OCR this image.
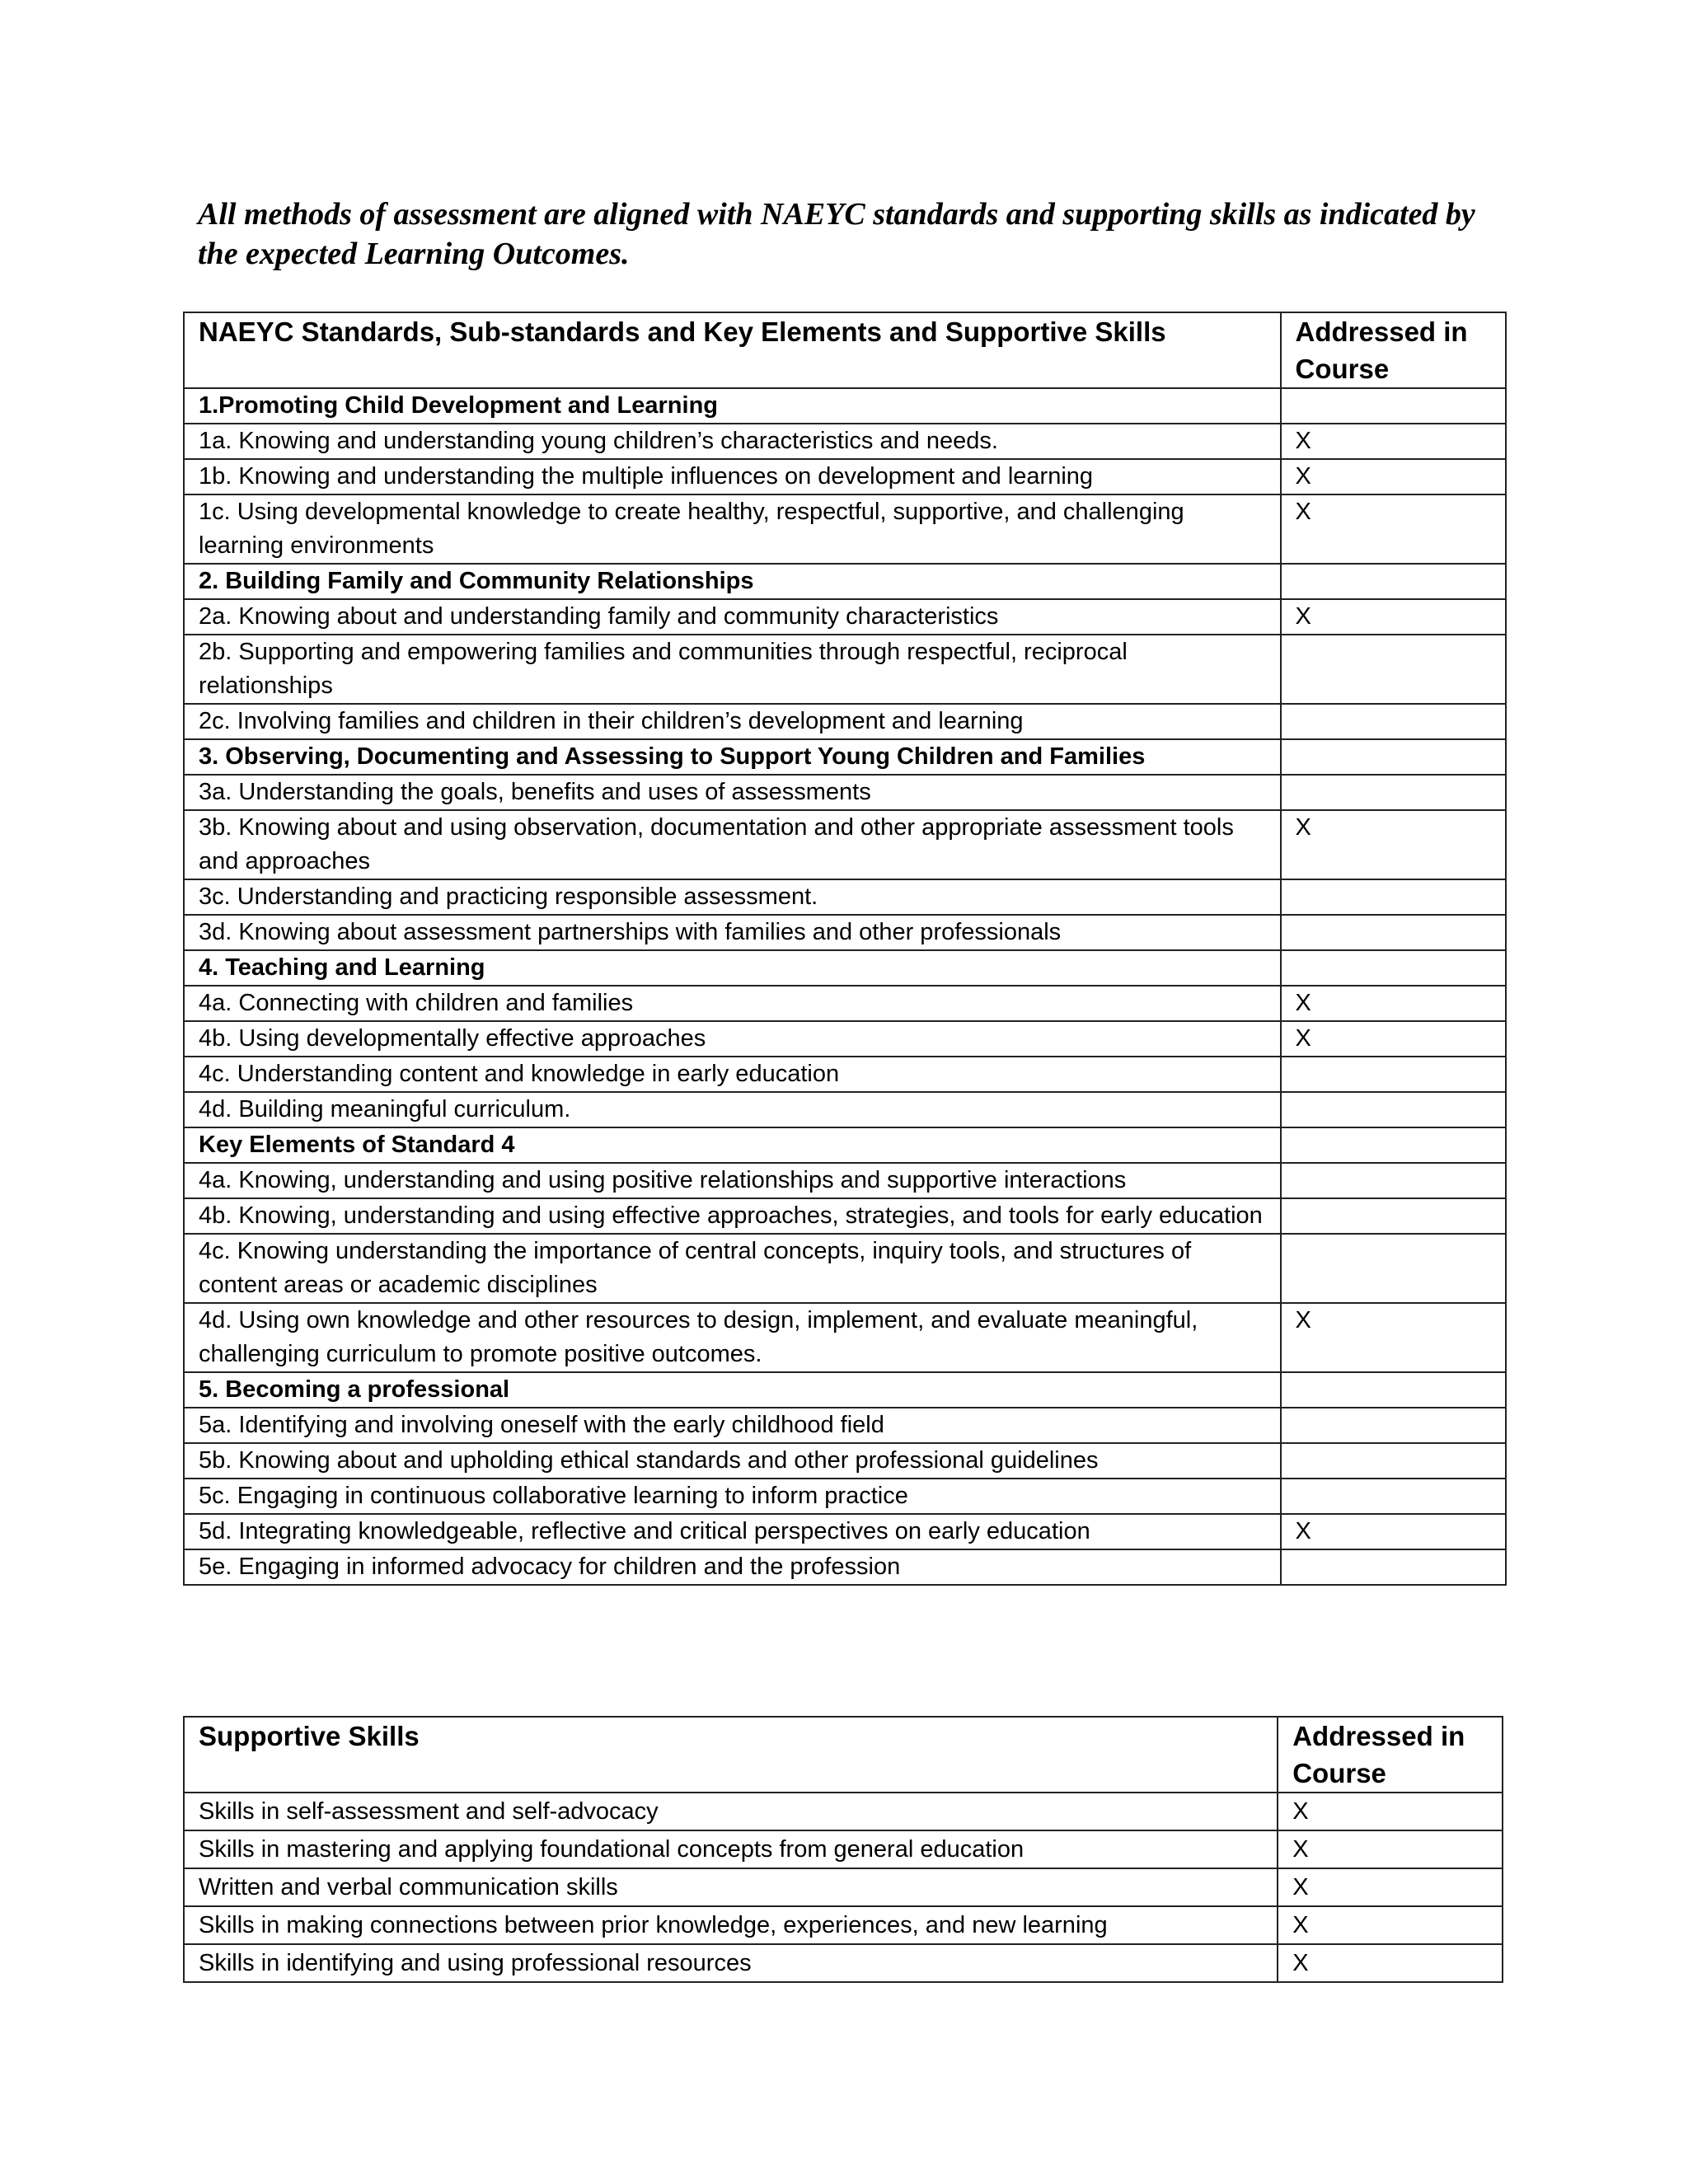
All methods of assessment are aligned with NAEYC standards and supporting skills as indicated by the expected Learning Outcomes.

NAEYC Standards, Sub-standards and Key Elements and Supportive Skills	Addressed in Course
1.Promoting Child Development and Learning	
1a. Knowing and understanding young children’s characteristics and needs.	X
1b. Knowing and understanding the multiple influences on development and learning	X
1c. Using developmental knowledge to create healthy, respectful, supportive, and challenging learning environments	X
2. Building Family and Community Relationships	
2a. Knowing about and understanding family and community characteristics	X
2b. Supporting and empowering families and communities through respectful, reciprocal relationships	
2c. Involving families and children in their children’s development and learning	
3. Observing, Documenting and Assessing to Support Young Children and Families	
3a. Understanding the goals, benefits and uses of assessments	
3b. Knowing about and using observation, documentation and other appropriate assessment tools and approaches	X
3c. Understanding and practicing responsible assessment.	
3d. Knowing about assessment partnerships with families and other professionals	
4. Teaching and Learning	
4a. Connecting with children and families	X
4b. Using developmentally effective approaches	X
4c. Understanding content and knowledge in early education	
4d. Building meaningful curriculum.	
Key Elements of Standard 4	
4a. Knowing, understanding and using positive relationships and supportive interactions	
4b. Knowing, understanding and using effective approaches, strategies, and tools for early education	
4c. Knowing understanding the importance of central concepts, inquiry tools, and structures of content areas or academic disciplines	
4d. Using own knowledge and other resources to design, implement, and evaluate meaningful, challenging curriculum to promote positive outcomes.	X
5. Becoming a professional	
5a. Identifying and involving oneself with the early childhood field	
5b. Knowing about and upholding ethical standards and other professional guidelines	
5c. Engaging in continuous collaborative learning to inform practice	
5d. Integrating knowledgeable, reflective and critical perspectives on early education	X
5e. Engaging in informed advocacy for children and the profession	
Supportive Skills	Addressed in Course
Skills in self-assessment and self-advocacy	X
Skills in mastering and applying foundational concepts from general education	X
Written and verbal communication skills	X
Skills in making connections between prior knowledge, experiences, and new learning	X
Skills in identifying and using professional resources	X
